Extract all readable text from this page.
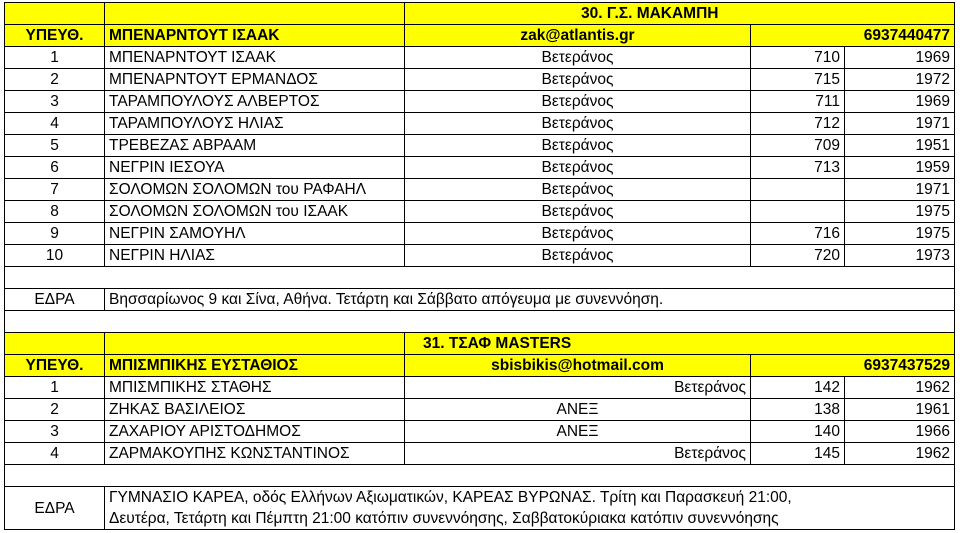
		30. Γ.Σ. ΜΑΚΑΜΠΗ		
ΥΠΕΥΘ.	ΜΠΕΝΑΡΝΤΟΥΤ ΙΣΑΑΚ	zak@atlantis.gr	6937440477	
1	ΜΠΕΝΑΡΝΤΟΥΤ ΙΣΑΑΚ	Βετεράνος	710	1969
2	ΜΠΕΝΑΡΝΤΟΥΤ ΕΡΜΑΝΔΟΣ	Βετεράνος	715	1972
3	ΤΑΡΑΜΠΟΥΛΟΥΣ ΑΛΒΕΡΤΟΣ	Βετεράνος	711	1969
4	ΤΑΡΑΜΠΟΥΛΟΥΣ ΗΛΙΑΣ	Βετεράνος	712	1971
5	ΤΡΕΒΕΖΑΣ ΑΒΡΑΑΜ	Βετεράνος	709	1951
6	ΝΕΓΡΙΝ ΙΕΣΟΥΑ	Βετεράνος	713	1959
7	ΣΟΛΟΜΩΝ ΣΟΛΟΜΩΝ του ΡΑΦΑΗΛ	Βετεράνος		1971
8	ΣΟΛΟΜΩΝ ΣΟΛΟΜΩΝ του ΙΣΑΑΚ	Βετεράνος		1975
9	ΝΕΓΡΙΝ ΣΑΜΟΥΗΛ	Βετεράνος	716	1975
10	ΝΕΓΡΙΝ ΗΛΙΑΣ	Βετεράνος	720	1973

ΕΔΡΑ	Βησσαρίωνος 9 και Σίνα, Αθήνα. Τετάρτη και Σάββατο απόγευμα με συνεννόηση.			

		31. ΤΣΑΦ MASTERS		
ΥΠΕΥΘ.	ΜΠΙΣΜΠΙΚΗΣ ΕΥΣΤΑΘΙΟΣ	sbisbikis@hotmail.com	6937437529	
1	ΜΠΙΣΜΠΙΚΗΣ ΣΤΑΘΗΣ	Βετεράνος	142	1962
2	ΖΗΚΑΣ ΒΑΣΙΛΕΙΟΣ	ΑΝΕΞ	138	1961
3	ΖΑΧΑΡΙΟΥ ΑΡΙΣΤΟΔΗΜΟΣ	ΑΝΕΞ	140	1966
4	ΖΑΡΜΑΚΟΥΠΗΣ ΚΩΝΣΤΑΝΤΙΝΟΣ	Βετεράνος	145	1962

ΕΔΡΑ	ΓΥΜΝΑΣΙΟ ΚΑΡΕΑ, οδός Ελλήνων Αξιωματικών, ΚΑΡΕΑΣ ΒΥΡΩΝΑΣ. Τρίτη και Παρασκευή 21:00,
Δευτέρα, Τετάρτη και Πέμπτη 21:00 κατόπιν συνεννόησης, Σαββατοκύριακα κατόπιν συνεννόησης			
